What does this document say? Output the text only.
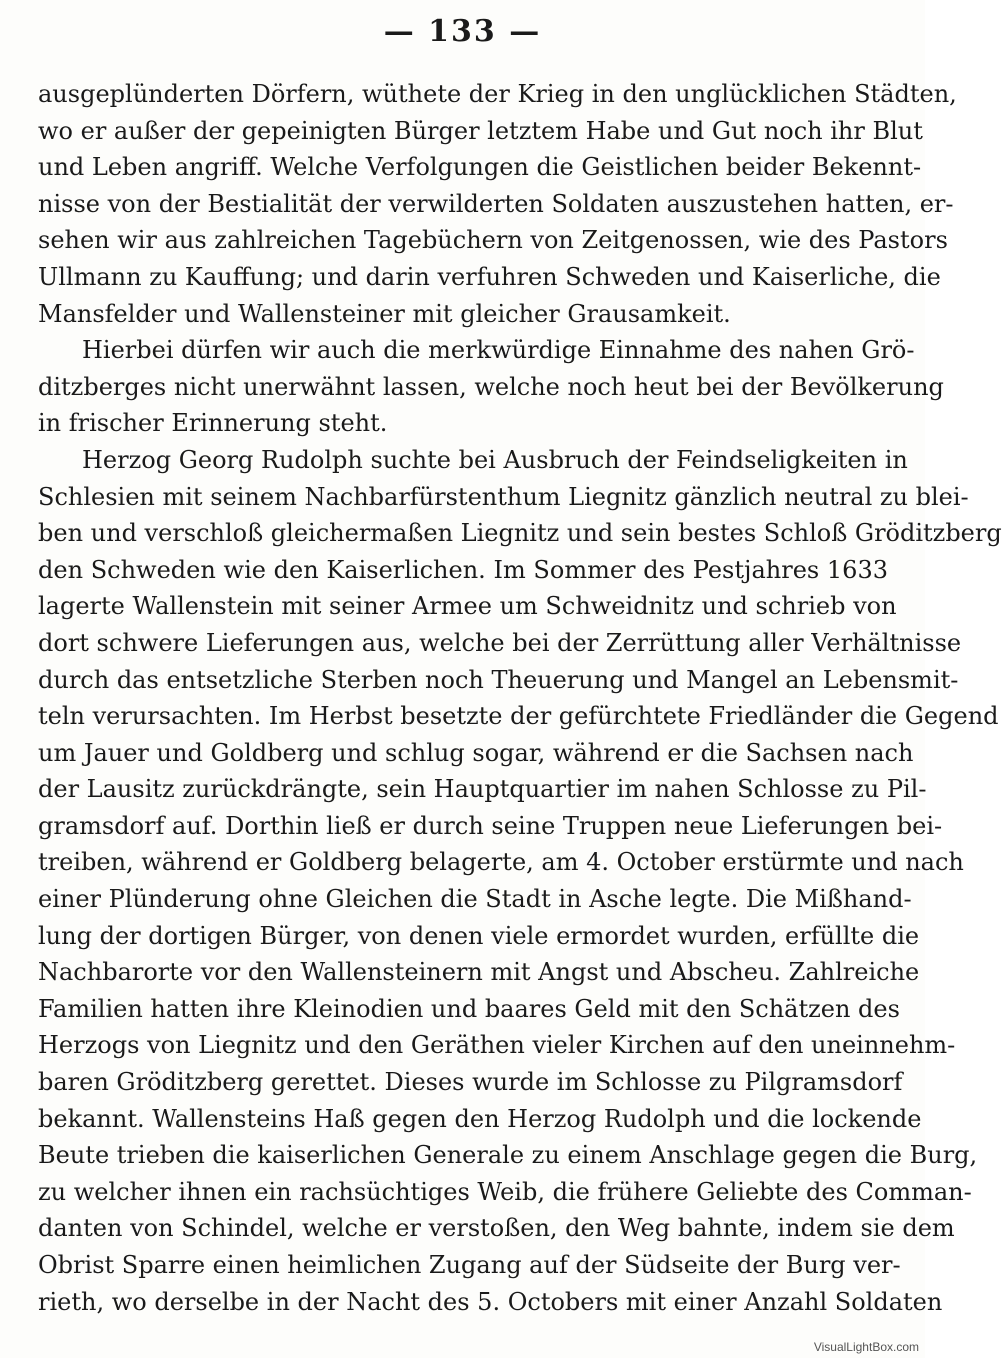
— 133 —
ausgeplünderten Dörfern, wüthete der Krieg in den unglücklichen Städten,
wo er außer der gepeinigten Bürger letztem Habe und Gut noch ihr Blut
und Leben angriff. Welche Verfolgungen die Geistlichen beider Bekennt-
nisse von der Bestialität der verwilderten Soldaten auszustehen hatten, er-
sehen wir aus zahlreichen Tagebüchern von Zeitgenossen, wie des Pastors
Ullmann zu Kauffung; und darin verfuhren Schweden und Kaiserliche, die
Mansfelder und Wallensteiner mit gleicher Grausamkeit.
Hierbei dürfen wir auch die merkwürdige Einnahme des nahen Grö-
ditzberges nicht unerwähnt lassen, welche noch heut bei der Bevölkerung
in frischer Erinnerung steht.
Herzog Georg Rudolph suchte bei Ausbruch der Feindseligkeiten in
Schlesien mit seinem Nachbarfürstenthum Liegnitz gänzlich neutral zu blei-
ben und verschloß gleichermaßen Liegnitz und sein bestes Schloß Gröditzberg
den Schweden wie den Kaiserlichen. Im Sommer des Pestjahres 1633
lagerte Wallenstein mit seiner Armee um Schweidnitz und schrieb von
dort schwere Lieferungen aus, welche bei der Zerrüttung aller Verhältnisse
durch das entsetzliche Sterben noch Theuerung und Mangel an Lebensmit-
teln verursachten. Im Herbst besetzte der gefürchtete Friedländer die Gegend
um Jauer und Goldberg und schlug sogar, während er die Sachsen nach
der Lausitz zurückdrängte, sein Hauptquartier im nahen Schlosse zu Pil-
gramsdorf auf. Dorthin ließ er durch seine Truppen neue Lieferungen bei-
treiben, während er Goldberg belagerte, am 4. October erstürmte und nach
einer Plünderung ohne Gleichen die Stadt in Asche legte. Die Mißhand-
lung der dortigen Bürger, von denen viele ermordet wurden, erfüllte die
Nachbarorte vor den Wallensteinern mit Angst und Abscheu. Zahlreiche
Familien hatten ihre Kleinodien und baares Geld mit den Schätzen des
Herzogs von Liegnitz und den Geräthen vieler Kirchen auf den uneinnehm-
baren Gröditzberg gerettet. Dieses wurde im Schlosse zu Pilgramsdorf
bekannt. Wallensteins Haß gegen den Herzog Rudolph und die lockende
Beute trieben die kaiserlichen Generale zu einem Anschlage gegen die Burg,
zu welcher ihnen ein rachsüchtiges Weib, die frühere Geliebte des Comman-
danten von Schindel, welche er verstoßen, den Weg bahnte, indem sie dem
Obrist Sparre einen heimlichen Zugang auf der Südseite der Burg ver-
rieth, wo derselbe in der Nacht des 5. Octobers mit einer Anzahl Soldaten
VisualLightBox.com
